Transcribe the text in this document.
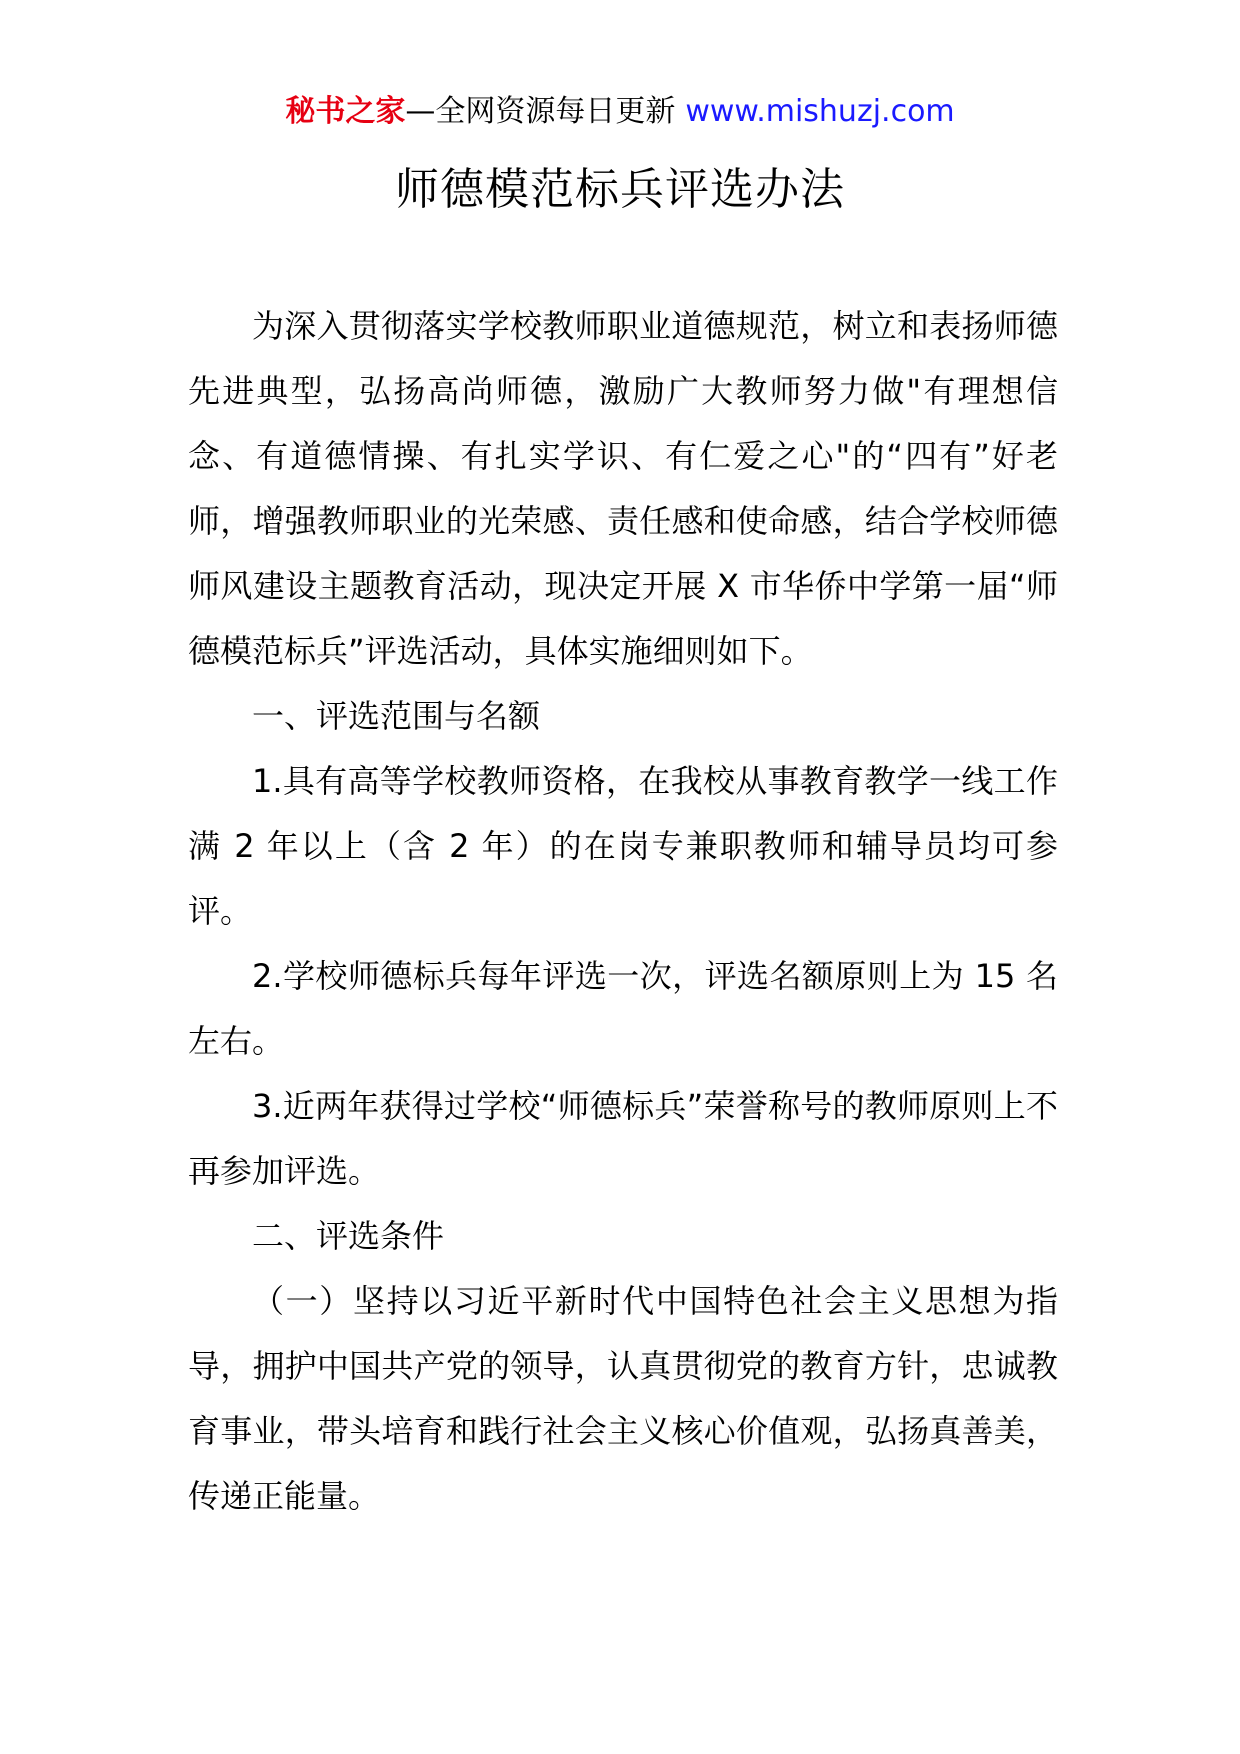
秘书之家—全网资源每日更新 www.mishuzj.com
师德模范标兵评选办法

为深入贯彻落实学校教师职业道德规范，树立和表扬师德先进典型，弘扬高尚师德，激励广大教师努力做"有理想信念、有道德情操、有扎实学识、有仁爱之心"的“四有”好老师，增强教师职业的光荣感、责任感和使命感，结合学校师德师风建设主题教育活动，现决定开展 X 市华侨中学第一届“师德模范标兵”评选活动，具体实施细则如下。

一、评选范围与名额

1.具有高等学校教师资格，在我校从事教育教学一线工作满 2 年以上（含 2 年）的在岗专兼职教师和辅导员均可参评。

2.学校师德标兵每年评选一次，评选名额原则上为 15 名左右。

3.近两年获得过学校“师德标兵”荣誉称号的教师原则上不再参加评选。

二、评选条件

（一）坚持以习近平新时代中国特色社会主义思想为指导，拥护中国共产党的领导，认真贯彻党的教育方针，忠诚教育事业，带头培育和践行社会主义核心价值观，弘扬真善美，传递正能量。
